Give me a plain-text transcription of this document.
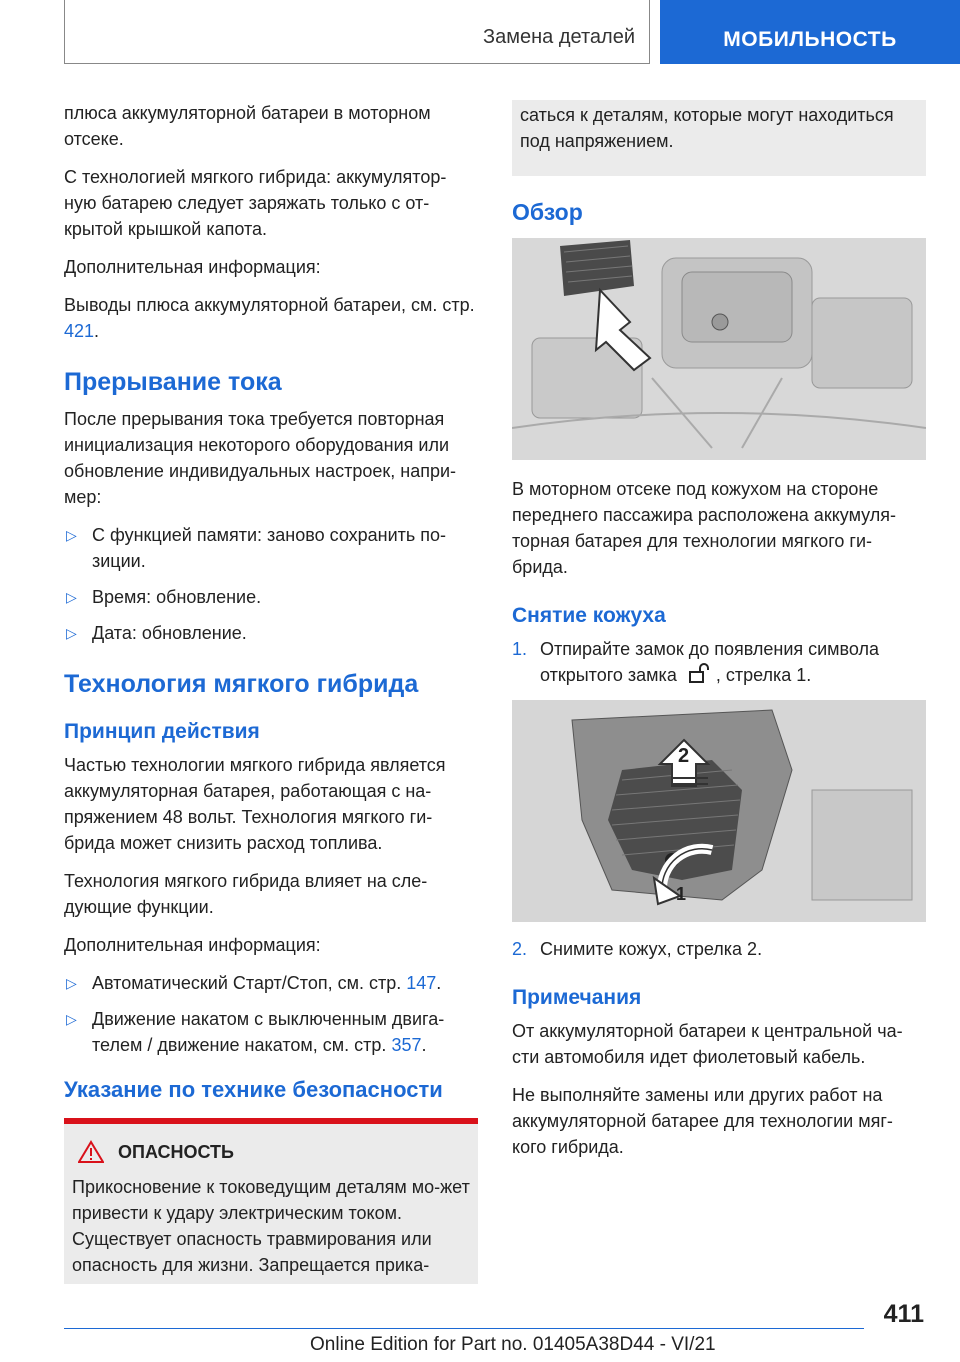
Замена деталей	МОБИЛЬНОСТЬ

плюса аккумуляторной батареи в моторном отсеке.

С технологией мягкого гибрида: аккумулятор-ную батарею следует заряжать только с от-крытой крышкой капота.

Дополнительная информация:

Выводы плюса аккумуляторной батареи, см. стр. 421.

Прерывание тока

После прерывания тока требуется повторная инициализация некоторого оборудования или обновление индивидуальных настроек, напри-мер:

▷ С функцией памяти: заново сохранить по-зиции.
▷ Время: обновление.
▷ Дата: обновление.
Технология мягкого гибрида
Принцип действия

Частью технологии мягкого гибрида является аккумуляторная батарея, работающая с на-пряжением 48 вольт. Технология мягкого ги-брида может снизить расход топлива.

Технология мягкого гибрида влияет на сле-дующие функции.

Дополнительная информация:

▷ Автоматический Старт/Стоп, см. стр. 147.
▷ Движение накатом с выключенным двига-телем / движение накатом, см. стр. 357.
Указание по технике безопасности
ОПАСНОСТЬ

Прикосновение к токоведущим деталям мо-жет привести к удару электрическим током. Существует опасность травмирования или опасность для жизни. Запрещается прика-

саться к деталям, которые могут находиться под напряжением.

Обзор

В моторном отсеке под кожухом на стороне переднего пассажира расположена аккумуля-торная батарея для технологии мягкого ги-брида.

Снятие кожуха
1. Отпирайте замок до появления символа открытого замка , стрелка 1.
2
1
2. Снимите кожух, стрелка 2.
Примечания

От аккумуляторной батареи к центральной ча-сти автомобиля идет фиолетовый кабель.

Не выполняйте замены или других работ на аккумуляторной батарее для технологии мяг-кого гибрида.

411
Online Edition for Part no. 01405A38D44 - VI/21
